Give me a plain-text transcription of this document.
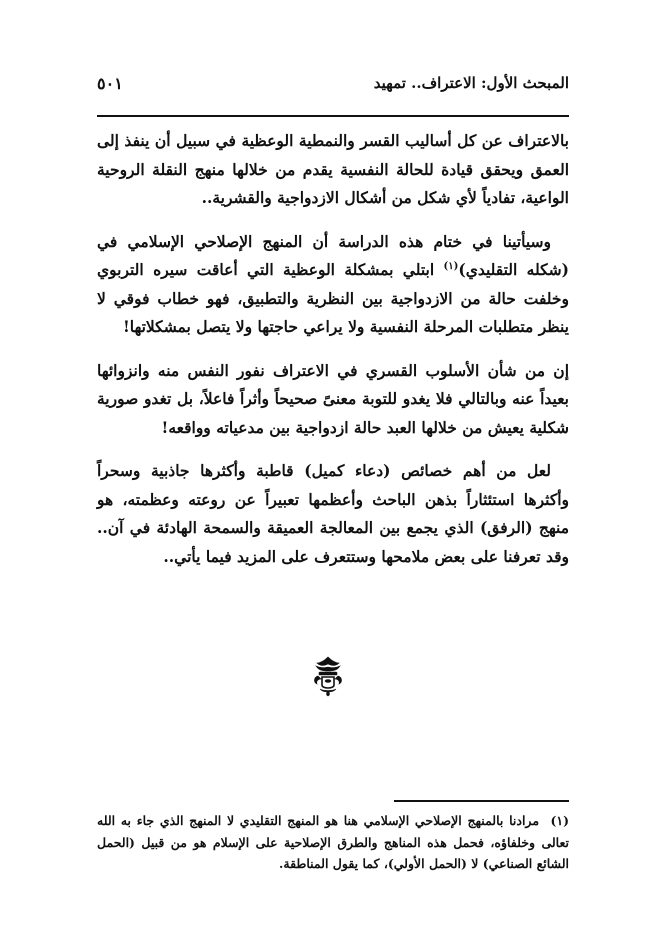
المبحث الأول: الاعتراف.. تمهيد
٥٠١

بالاعتراف عن كل أساليب القسر والنمطية الوعظية في سبيل أن ينفذ إلى العمق ويحقق قيادة للحالة النفسية يقدم من خلالها منهج النقلة الروحية الواعية، تفادياً لأي شكل من أشكال الازدواجية والقشرية..

وسيأتينا في ختام هذه الدراسة أن المنهج الإصلاحي الإسلامي في (شكله التقليدي)$^{(١)}$ ابتلي بمشكلة الوعظية التي أعاقت سيره التربوي وخلفت حالة من الازدواجية بين النظرية والتطبيق، فهو خطاب فوقي لا ينظر متطلبات المرحلة النفسية ولا يراعي حاجتها ولا يتصل بمشكلاتها!

إن من شأن الأسلوب القسري في الاعتراف نفور النفس منه وانزوائها بعيداً عنه وبالتالي فلا يغدو للتوبة معنىً صحيحاً وأثراً فاعلاً، بل تغدو صورية شكلية يعيش من خلالها العبد حالة ازدواجية بين مدعياته وواقعه!

لعل من أهم خصائص (دعاء كميل) قاطبة وأكثرها جاذبية وسحراً وأكثرها استئثاراً بذهن الباحث وأعظمها تعبيراً عن روعته وعظمته، هو منهج (الرفق) الذي يجمع بين المعالجة العميقة والسمحة الهادئة في آن.. وقد تعرفنا على بعض ملامحها وستتعرف على المزيد فيما يأتي..

(١)  مرادنا بالمنهج الإصلاحي الإسلامي هنا هو المنهج التقليدي لا المنهج الذي جاء به الله تعالى وخلفاؤه، فحمل هذه المناهج والطرق الإصلاحية على الإسلام هو من قبيل (الحمل الشائع الصناعي) لا (الحمل الأولي)، كما يقول المناطقة.
